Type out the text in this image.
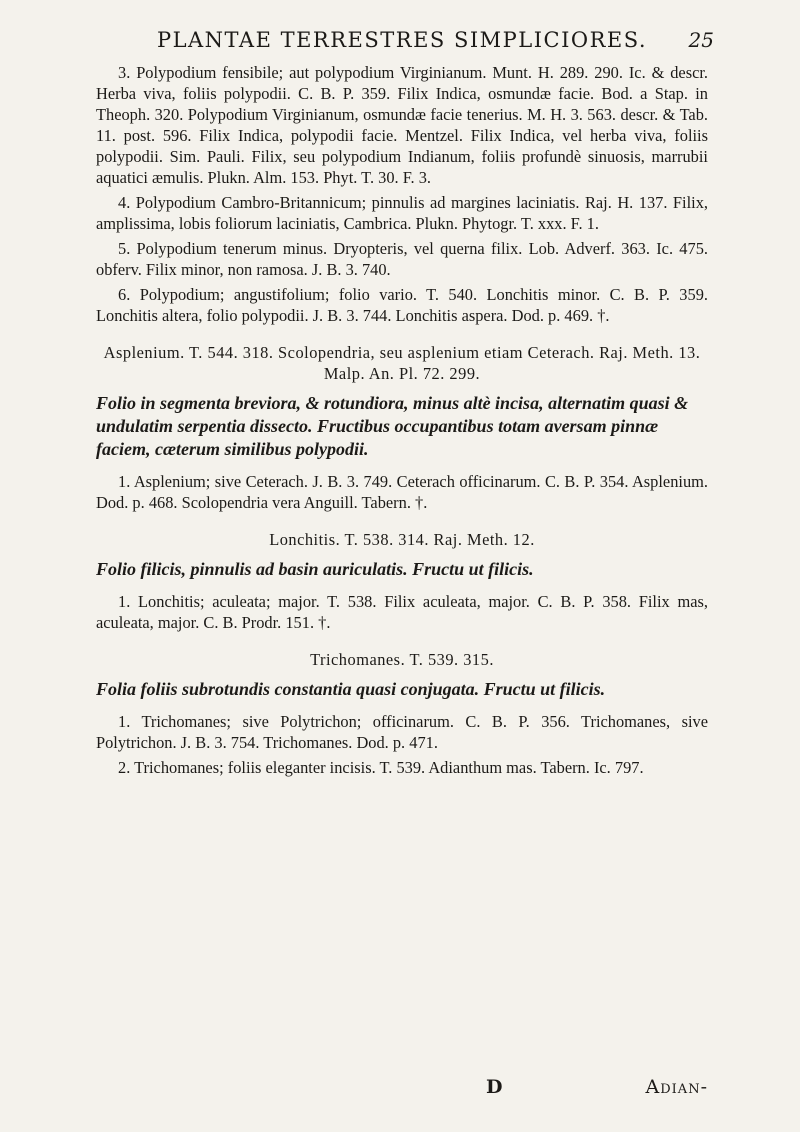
PLANTAE TERRESTRES SIMPLICIORES. 25

3. Polypodium fensibile; aut polypodium Virginianum. Munt. H. 289. 290. Ic. & descr. Herba viva, foliis polypodii. C. B. P. 359. Filix Indica, osmundæ facie. Bod. a Stap. in Theoph. 320. Polypodium Virginianum, osmundæ facie tenerius. M. H. 3. 563. descr. & Tab. 11. post. 596. Filix Indica, polypodii facie. Mentzel. Filix Indica, vel herba viva, foliis polypodii. Sim. Pauli. Filix, seu polypodium Indianum, foliis profundè sinuosis, marrubii aquatici æmulis. Plukn. Alm. 153. Phyt. T. 30. F. 3.

4. Polypodium Cambro-Britannicum; pinnulis ad margines laciniatis. Raj. H. 137. Filix, amplissima, lobis foliorum laciniatis, Cambrica. Plukn. Phytogr. T. xxx. F. 1.

5. Polypodium tenerum minus. Dryopteris, vel querna filix. Lob. Adverf. 363. Ic. 475. obferv. Filix minor, non ramosa. J. B. 3. 740.

6. Polypodium; angustifolium; folio vario. T. 540. Lonchitis minor. C. B. P. 359. Lonchitis altera, folio polypodii. J. B. 3. 744. Lonchitis aspera. Dod. p. 469. †.

Asplenium. T. 544. 318. Scolopendria, seu asplenium etiam Ceterach. Raj. Meth. 13. Malp. An. Pl. 72. 299.

Folio in segmenta breviora, & rotundiora, minus altè incisa, alternatim quasi & undulatim serpentia dissecto. Fructibus occupantibus totam aversam pinnæ faciem, cæterum similibus polypodii.

1. Asplenium; sive Ceterach. J. B. 3. 749. Ceterach officinarum. C. B. P. 354. Asplenium. Dod. p. 468. Scolopendria vera Anguill. Tabern. †.

Lonchitis. T. 538. 314. Raj. Meth. 12.

Folio filicis, pinnulis ad basin auriculatis. Fructu ut filicis.

1. Lonchitis; aculeata; major. T. 538. Filix aculeata, major. C. B. P. 358. Filix mas, aculeata, major. C. B. Prodr. 151. †.

Trichomanes. T. 539. 315.

Folia foliis subrotundis constantia quasi conjugata. Fructu ut filicis.

1. Trichomanes; sive Polytrichon; officinarum. C. B. P. 356. Trichomanes, sive Polytrichon. J. B. 3. 754. Trichomanes. Dod. p. 471.

2. Trichomanes; foliis eleganter incisis. T. 539. Adianthum mas. Tabern. Ic. 797.

D	Adian-
